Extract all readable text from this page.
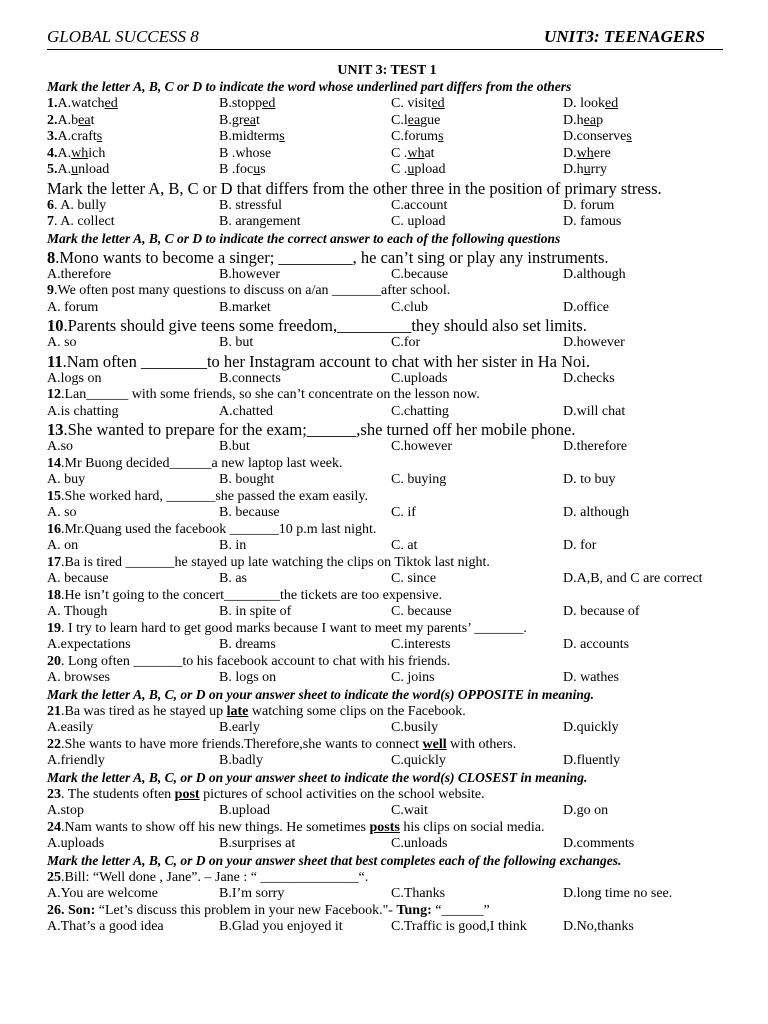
GLOBAL SUCCESS 8	UNIT3: TEENAGERS
UNIT 3: TEST 1
Mark the letter A, B, C or D to indicate the word whose underlined part differs from the others
1.A.watched	B.stopped	C. visited	D. looked
2.A.beat	B.great	C.league	D.heap
3.A.crafts	B.midterms	C.forums	D.conserves
4.A.which	B .whose	C .what	D.where
5.A.unload	B .focus	C .upload	D.hurry
Mark the letter A, B, C or D that differs from the other three in the position of primary stress.
6. A. bully	B. stressful	C.account	D. forum
7. A. collect	B. arangement	C. upload	D. famous
Mark the letter A, B, C or D to indicate the correct answer to each of the following questions
8.Mono wants to become a singer; _________, he can’t sing or play any instruments.
A.therefore	B.however	C.because	D.although
9.We often post many questions to discuss on a/an _______after school.
A. forum	B.market	C.club	D.office
10.Parents should give teens some freedom,_________they should also set limits.
A. so	B. but	C.for	D.however
11.Nam often ________to her Instagram account to chat with her sister in Ha Noi.
A.logs on	B.connects	C.uploads	D.checks
12.Lan______ with some friends, so she can’t concentrate on the lesson now.
A.is chatting	A.chatted	C.chatting	D.will chat
13.She wanted to prepare for the exam;______,she turned off her mobile phone.
A.so	B.but	C.however	D.therefore
14.Mr Buong decided______a new laptop last week.
A. buy	B. bought	C. buying	D. to buy
15.She worked hard, _______she passed the exam easily.
A. so	B. because	C. if	D. although
16.Mr.Quang used the facebook _______10 p.m last night.
A. on	B. in	C. at	D. for
17.Ba is tired _______he stayed up late watching the clips on Tiktok last night.
A. because	B. as	C. since	D.A,B, and C are correct
18.He isn’t going to the concert________the tickets are too expensive.
A. Though	B. in spite of	C. because	D. because of
19. I try to learn hard to get good marks because I want to meet my parents’ _______.
A.expectations	B. dreams	C.interests	D. accounts
20. Long often _______to his facebook account to chat with his friends.
A. browses	B. logs on	C. joins	D. wathes
Mark the letter A, B, C, or D on your answer sheet to indicate the word(s) OPPOSITE in meaning.
21.Ba was tired as he stayed up late watching some clips on the Facebook.
A.easily	B.early	C.busily	D.quickly
22.She wants to have more friends.Therefore,she wants to connect well with others.
A.friendly	B.badly	C.quickly	D.fluently
Mark the letter A, B, C, or D on your answer sheet to indicate the word(s) CLOSEST in meaning.
23. The students often post pictures of school activities on the school website.
A.stop	B.upload	C.wait	D.go on
24.Nam wants to show off his new things. He sometimes posts his clips on social media.
A.uploads	B.surprises at	C.unloads	D.comments
Mark the letter A, B, C, or D on your answer sheet that best completes each of the following exchanges.
25.Bill: “Well done , Jane”. – Jane : “ ______________“.
A.You are welcome	B.I’m sorry	C.Thanks	D.long time no see.
26. Son: “Let’s discuss this problem in your new Facebook."- Tung: “______”
A.That’s a good idea	B.Glad you enjoyed it	C.Traffic is good,I think	D.No,thanks
